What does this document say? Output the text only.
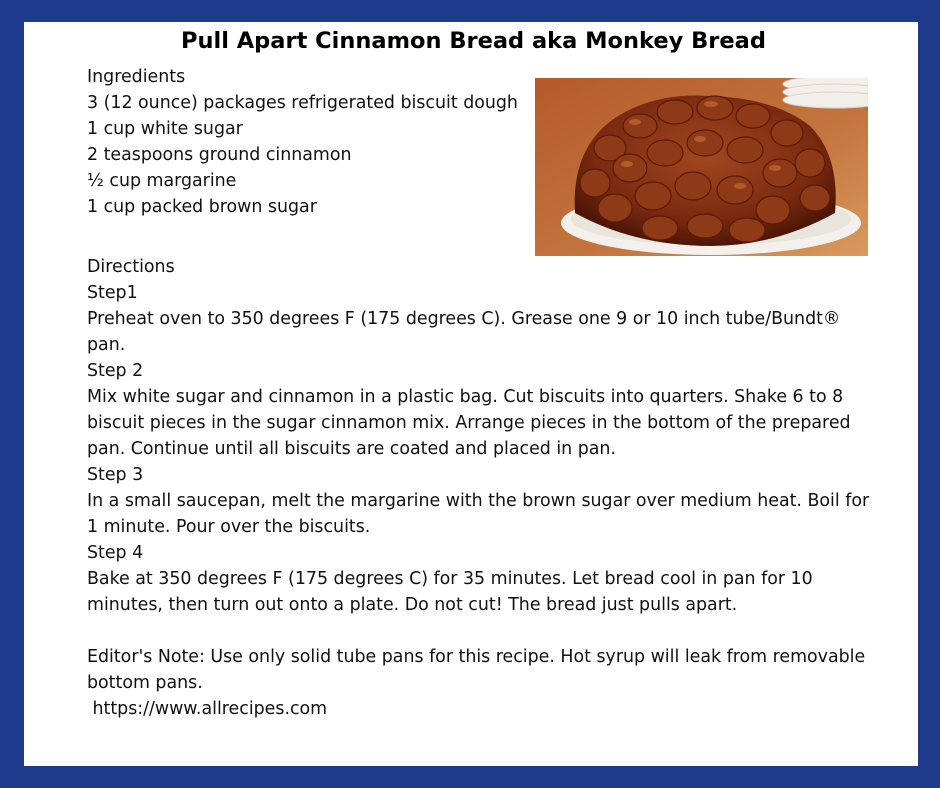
Pull Apart Cinnamon Bread aka Monkey Bread
Ingredients
3 (12 ounce) packages refrigerated biscuit dough
1 cup white sugar
2 teaspoons ground cinnamon
½ cup margarine
1 cup packed brown sugar
Directions
Step1
Preheat oven to 350 degrees F (175 degrees C). Grease one 9 or 10 inch tube/Bundt® pan.
Step 2
Mix white sugar and cinnamon in a plastic bag. Cut biscuits into quarters. Shake 6 to 8 biscuit pieces in the sugar cinnamon mix. Arrange pieces in the bottom of the prepared pan. Continue until all biscuits are coated and placed in pan.
Step 3
In a small saucepan, melt the margarine with the brown sugar over medium heat. Boil for 1 minute. Pour over the biscuits.
Step 4
Bake at 350 degrees F (175 degrees C) for 35 minutes. Let bread cool in pan for 10 minutes, then turn out onto a plate. Do not cut! The bread just pulls apart.
Editor's Note: Use only solid tube pans for this recipe. Hot syrup will leak from removable bottom pans.
https://www.allrecipes.com
